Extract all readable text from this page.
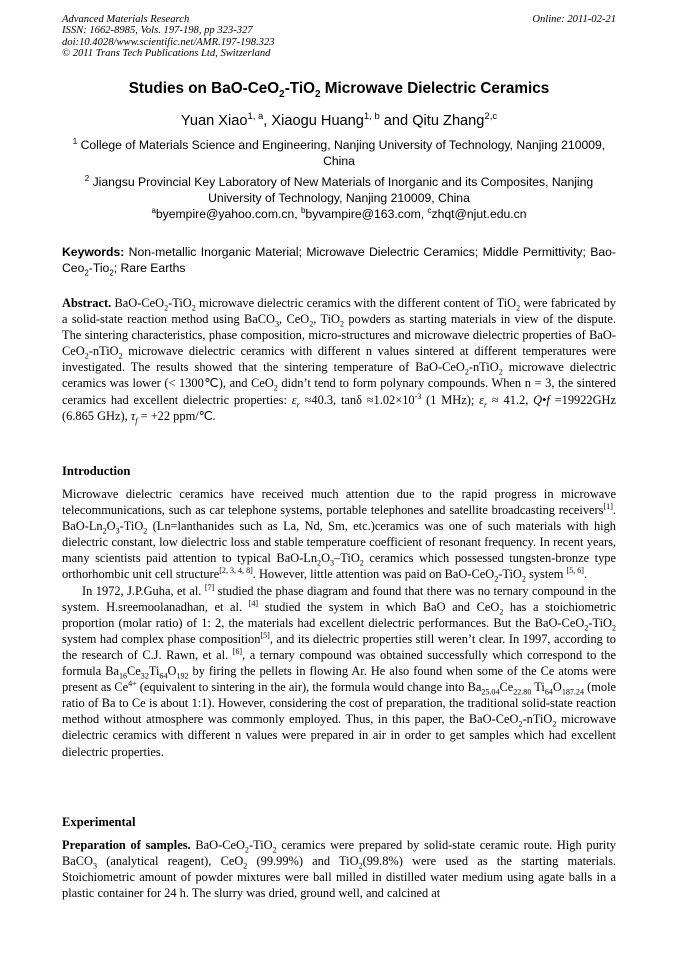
Advanced Materials Research
ISSN: 1662-8985, Vols. 197-198, pp 323-327
doi:10.4028/www.scientific.net/AMR.197-198.323
© 2011 Trans Tech Publications Ltd, Switzerland
Online: 2011-02-21
Studies on BaO-CeO$_2$-TiO$_2$ Microwave Dielectric Ceramics
Yuan Xiao$^{1, a}$, Xiaogu Huang$^{1, b}$ and Qitu Zhang$^{2,c}$
$^1$ College of Materials Science and Engineering, Nanjing University of Technology, Nanjing 210009, China
$^2$ Jiangsu Provincial Key Laboratory of New Materials of Inorganic and its Composites, Nanjing University of Technology, Nanjing 210009, China
$^a$byempire@yahoo.com.cn, $^b$byvampire@163.com, $^c$zhqt@njut.edu.cn
Keywords: Non-metallic Inorganic Material; Microwave Dielectric Ceramics; Middle Permittivity; Bao-Ceo$_2$-Tio$_2$; Rare Earths

Abstract. BaO-CeO$_2$-TiO$_2$ microwave dielectric ceramics with the different content of TiO$_2$ were fabricated by a solid-state reaction method using BaCO$_3$, CeO$_2$, TiO$_2$ powders as starting materials in view of the dispute. The sintering characteristics, phase composition, micro-structures and microwave dielectric properties of BaO-CeO$_2$-nTiO$_2$ microwave dielectric ceramics with different n values sintered at different temperatures were investigated. The results showed that the sintering temperature of BaO-CeO$_2$-nTiO$_2$ microwave dielectric ceramics was lower (< 1300℃), and CeO$_2$ didn’t tend to form polynary compounds. When n = 3, the sintered ceramics had excellent dielectric properties: $\varepsilon_r \approx 40.3$, $\tan\delta \approx 1.02\times 10^{-3}$ (1 MHz); $\varepsilon_r \approx 41.2$, Q•f =19922GHz (6.865 GHz), $\tau_f = +22$ ppm/℃.

Introduction

Microwave dielectric ceramics have received much attention due to the rapid progress in microwave telecommunications, such as car telephone systems, portable telephones and satellite broadcasting receivers[1]. BaO-$Ln_2O_3-TiO_2$ (Ln=lanthanides such as La, Nd, Sm, etc.)ceramics was one of such materials with high dielectric constant, low dielectric loss and stable temperature coefficient of resonant frequency. In recent years, many scientists paid attention to typical BaO-$Ln_2O_3-TiO_2$ ceramics which possessed tungsten-bronze type orthorhombic unit cell structure[2, 3, 4, 8]. However, little attention was paid on BaO-CeO$_2$-TiO$_2$ system [5, 6].

In 1972, J.P.Guha, et al. [7] studied the phase diagram and found that there was no ternary compound in the system. H.sreemoolanadhan, et al. [4] studied the system in which BaO and CeO$_2$ has a stoichiometric proportion (molar ratio) of 1: 2, the materials had excellent dielectric performances. But the BaO-CeO$_2$-TiO$_2$ system had complex phase composition[5], and its dielectric properties still weren’t clear. In 1997, according to the research of C.J. Rawn, et al. [6], a ternary compound was obtained successfully which correspond to the formula $Ba_{16}Ce_{32}Ti_{64}O_{192}$ by firing the pellets in flowing Ar. He also found when some of the Ce atoms were present as $Ce^{4+}$ (equivalent to sintering in the air), the formula would change into $Ba_{25.04}Ce_{22.80}$ $Ti_{64}O_{187.24}$ (mole ratio of Ba to Ce is about 1:1). However, considering the cost of preparation, the traditional solid-state reaction method without atmosphere was commonly employed. Thus, in this paper, the BaO-CeO$_2$-nTiO$_2$ microwave dielectric ceramics with different n values were prepared in air in order to get samples which had excellent dielectric properties.

Experimental

Preparation of samples. BaO-CeO$_2$-TiO$_2$ ceramics were prepared by solid-state ceramic route. High purity BaCO$_3$ (analytical reagent), CeO$_2$ (99.99%) and TiO$_2$(99.8%) were used as the starting materials. Stoichiometric amount of powder mixtures were ball milled in distilled water medium using agate balls in a plastic container for 24 h. The slurry was dried, ground well, and calcined at
